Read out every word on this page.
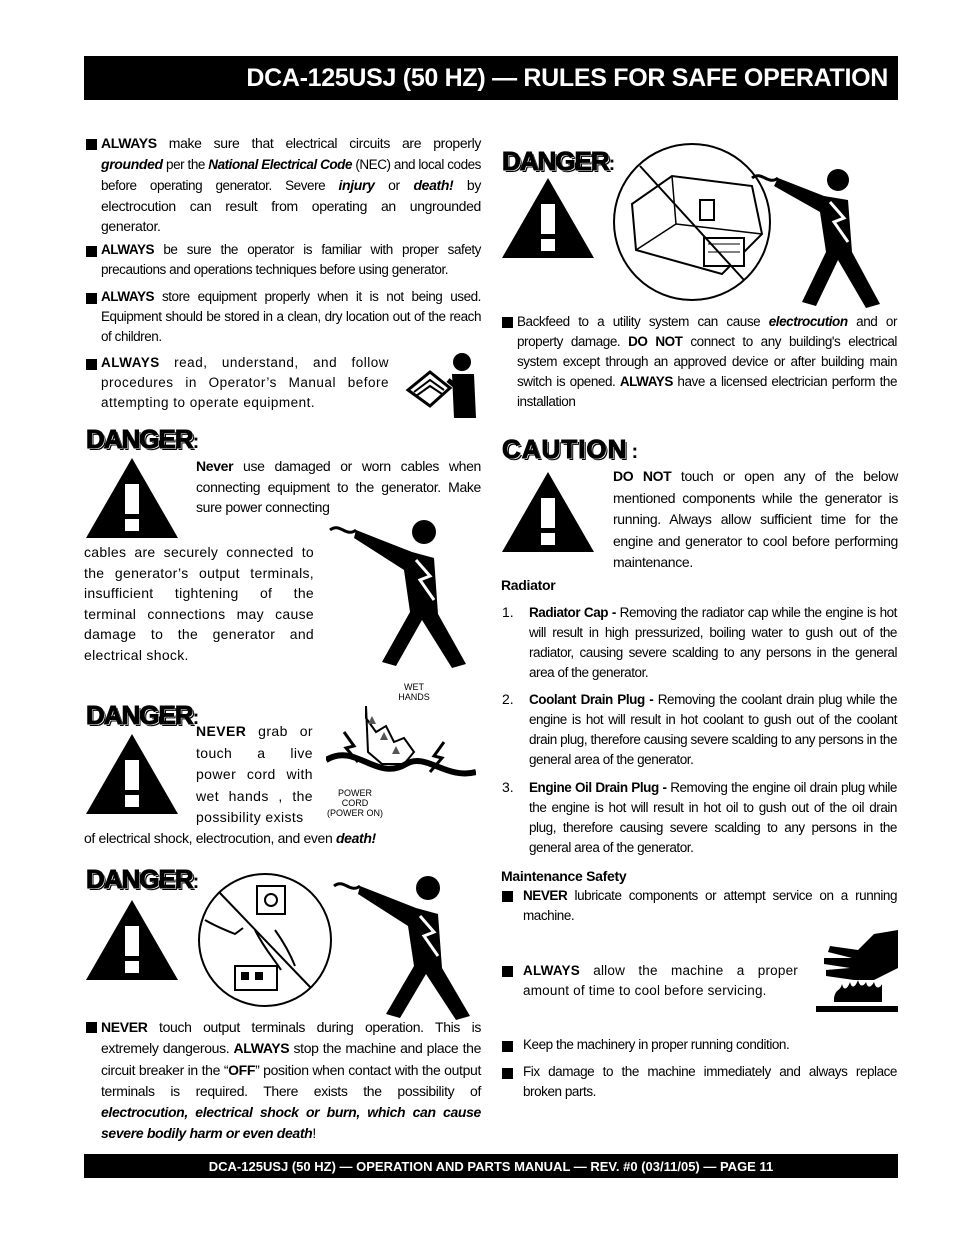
DCA-125USJ (50 HZ) — RULES FOR SAFE OPERATION
ALWAYS make sure that electrical circuits are properly grounded per the National Electrical Code (NEC) and local codes before operating generator. Severe injury or death! by electrocution can result from operating an ungrounded generator.
ALWAYS be sure the operator is familiar with proper safety precautions and operations techniques before using generator.
ALWAYS store equipment properly when it is not being used. Equipment should be stored in a clean, dry location out of the reach of children.
ALWAYS read, understand, and follow procedures in Operator’s Manual before attempting to operate equipment.
DANGER:
Never use damaged or worn cables when connecting equipment to the generator. Make sure power connecting
cables are securely connected to the generator’s output terminals, insufficient tightening of the terminal connections may cause damage to the generator and electrical shock.
DANGER:
NEVER grab or touch a live power cord with wet hands , the possibility exists
of electrical shock, electrocution, and even death!
WET
HANDS
POWER
CORD
(POWER ON)
DANGER:
NEVER touch output terminals during operation. This is extremely dangerous. ALWAYS stop the machine and place the circuit breaker in the “OFF” position when contact with the output terminals is required. There exists the possibility of electrocution, electrical shock or burn, which can cause severe bodily harm or even death!
DANGER:
Backfeed to a utility system can cause electrocution and or property damage. DO NOT connect to any building's electrical system except through an approved device or after building main switch is opened. ALWAYS have a licensed electrician perform the installation
CAUTION :
DO NOT touch or open any of the below mentioned components while the generator is running. Always allow sufficient time for the engine and generator to cool before performing maintenance.
Radiator
1. Radiator Cap - Removing the radiator cap while the engine is hot will result in high pressurized, boiling water to gush out of the radiator, causing severe scalding to any persons in the general area of the generator.
2. Coolant Drain Plug - Removing the coolant drain plug while the engine is hot will result in hot coolant to gush out of the coolant drain plug, therefore causing severe scalding to any persons in the general area of the generator.
3. Engine Oil Drain Plug - Removing the engine oil drain plug while the engine is hot will result in hot oil to gush out of the oil drain plug, therefore causing severe scalding to any persons in the general area of the generator.
Maintenance Safety
NEVER lubricate components or attempt service on a running machine.
ALWAYS allow the machine a proper amount of time to cool before servicing.
Keep the machinery in proper running condition.
Fix damage to the machine immediately and always replace broken parts.
DCA-125USJ (50 HZ) — OPERATION AND PARTS MANUAL — REV. #0 (03/11/05) — PAGE 11
